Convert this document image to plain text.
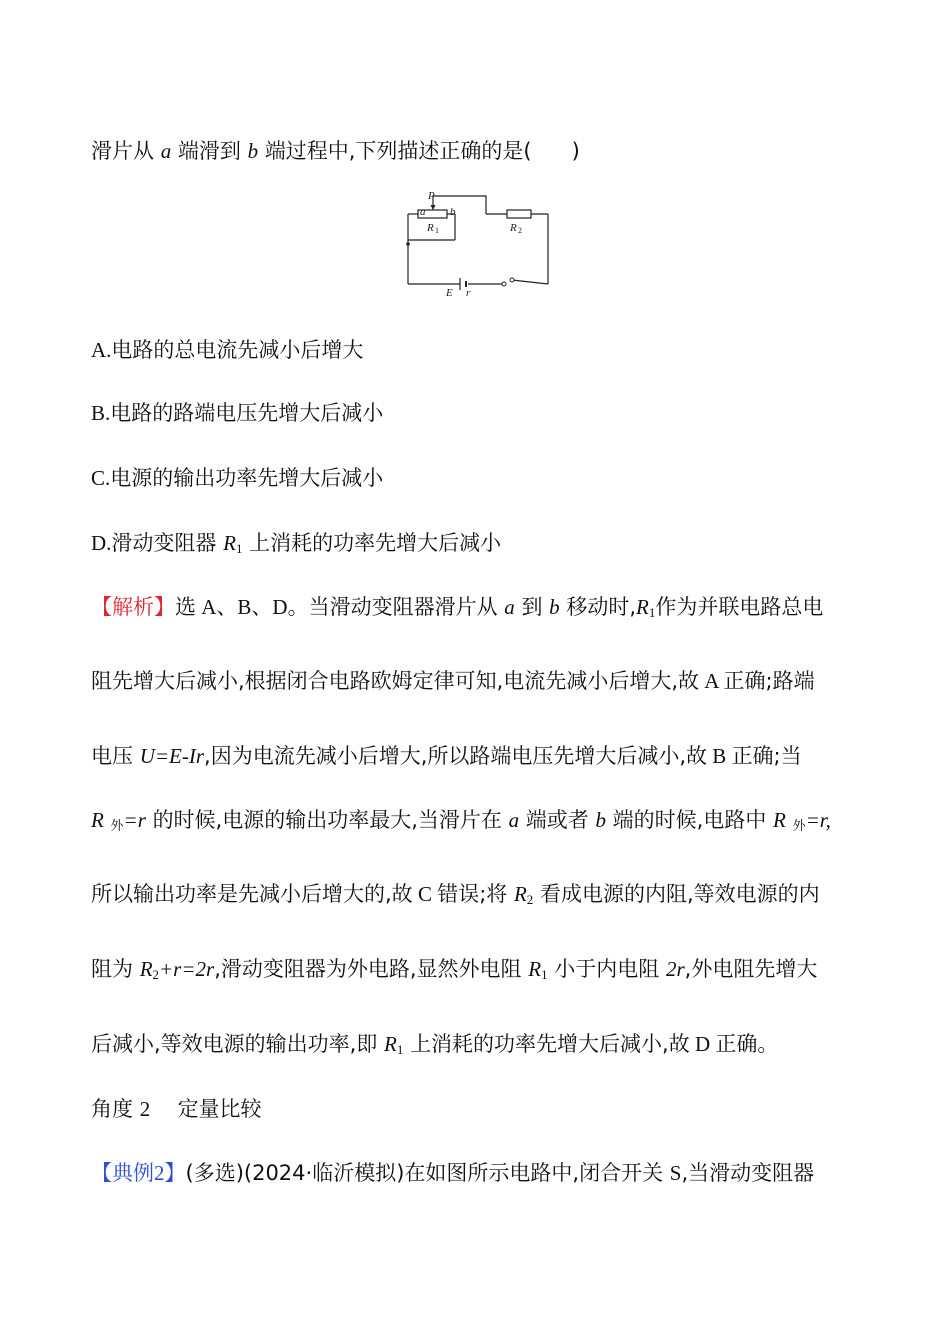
滑片从 a 端滑到 b 端过程中,下列描述正确的是( )
P
a b
R 1	R 2
E r
A.电路的总电流先减小后增大
B.电路的路端电压先增大后减小
C.电源的输出功率先增大后减小
D.滑动变阻器 $R_1$ 上消耗的功率先增大后减小
【解析】选 A、B、D。当滑动变阻器滑片从 a 到 b 移动时$,R_1$作为并联电路总电
阻先增大后减小,根据闭合电路欧姆定律可知,电流先减小后增大,故 A 正确;路端
电压 U=E-Ir,因为电流先减小后增大,所以路端电压先增大后减小,故 B 正确;当
R 外=r 的时候,电源的输出功率最大,当滑片在 a 端或者 b 端的时候,电路中 R 外=r,
所以输出功率是先减小后增大的,故 C 错误;将 $R_2$ 看成电源的内阻,等效电源的内
阻为 $R_2+r=2r$,滑动变阻器为外电路,显然外电阻 $R_1$ 小于内电阻 2r,外电阻先增大
后减小,等效电源的输出功率,即 $R_1$ 上消耗的功率先增大后减小,故 D 正确。
角度 2 定量比较
【典例2】(多选)(2024·临沂模拟)在如图所示电路中,闭合开关 S,当滑动变阻器
